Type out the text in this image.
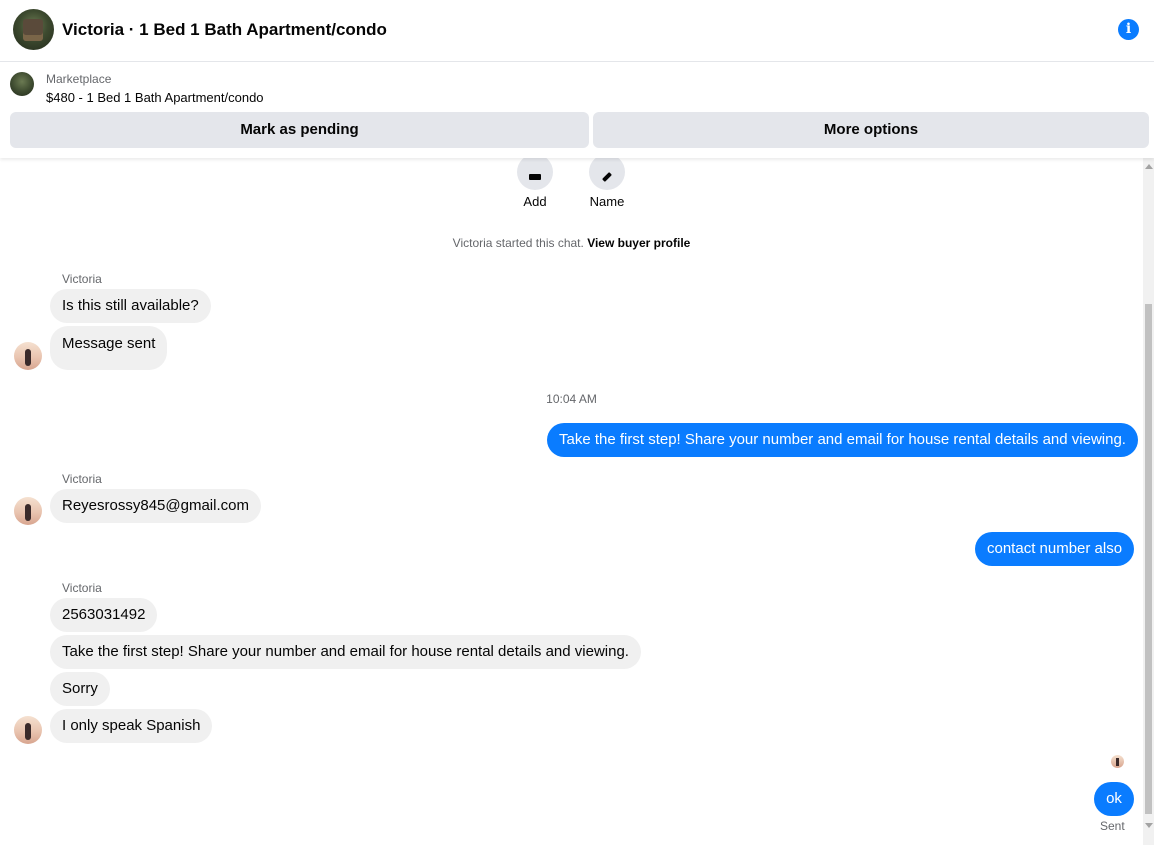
Victoria · 1 Bed 1 Bath Apartment/condo	i
Marketplace
$480 - 1 Bed 1 Bath Apartment/condo
Mark as pending	More options
Add	Name
Victoria started this chat. View buyer profile
Victoria
Is this still available?
Message sent
10:04 AM
Take the first step! Share your number and email for house rental details and viewing.
Victoria
Reyesrossy845@gmail.com
contact number also
Victoria
2563031492
Take the first step! Share your number and email for house rental details and viewing.
Sorry
I only speak Spanish
ok
Sent
